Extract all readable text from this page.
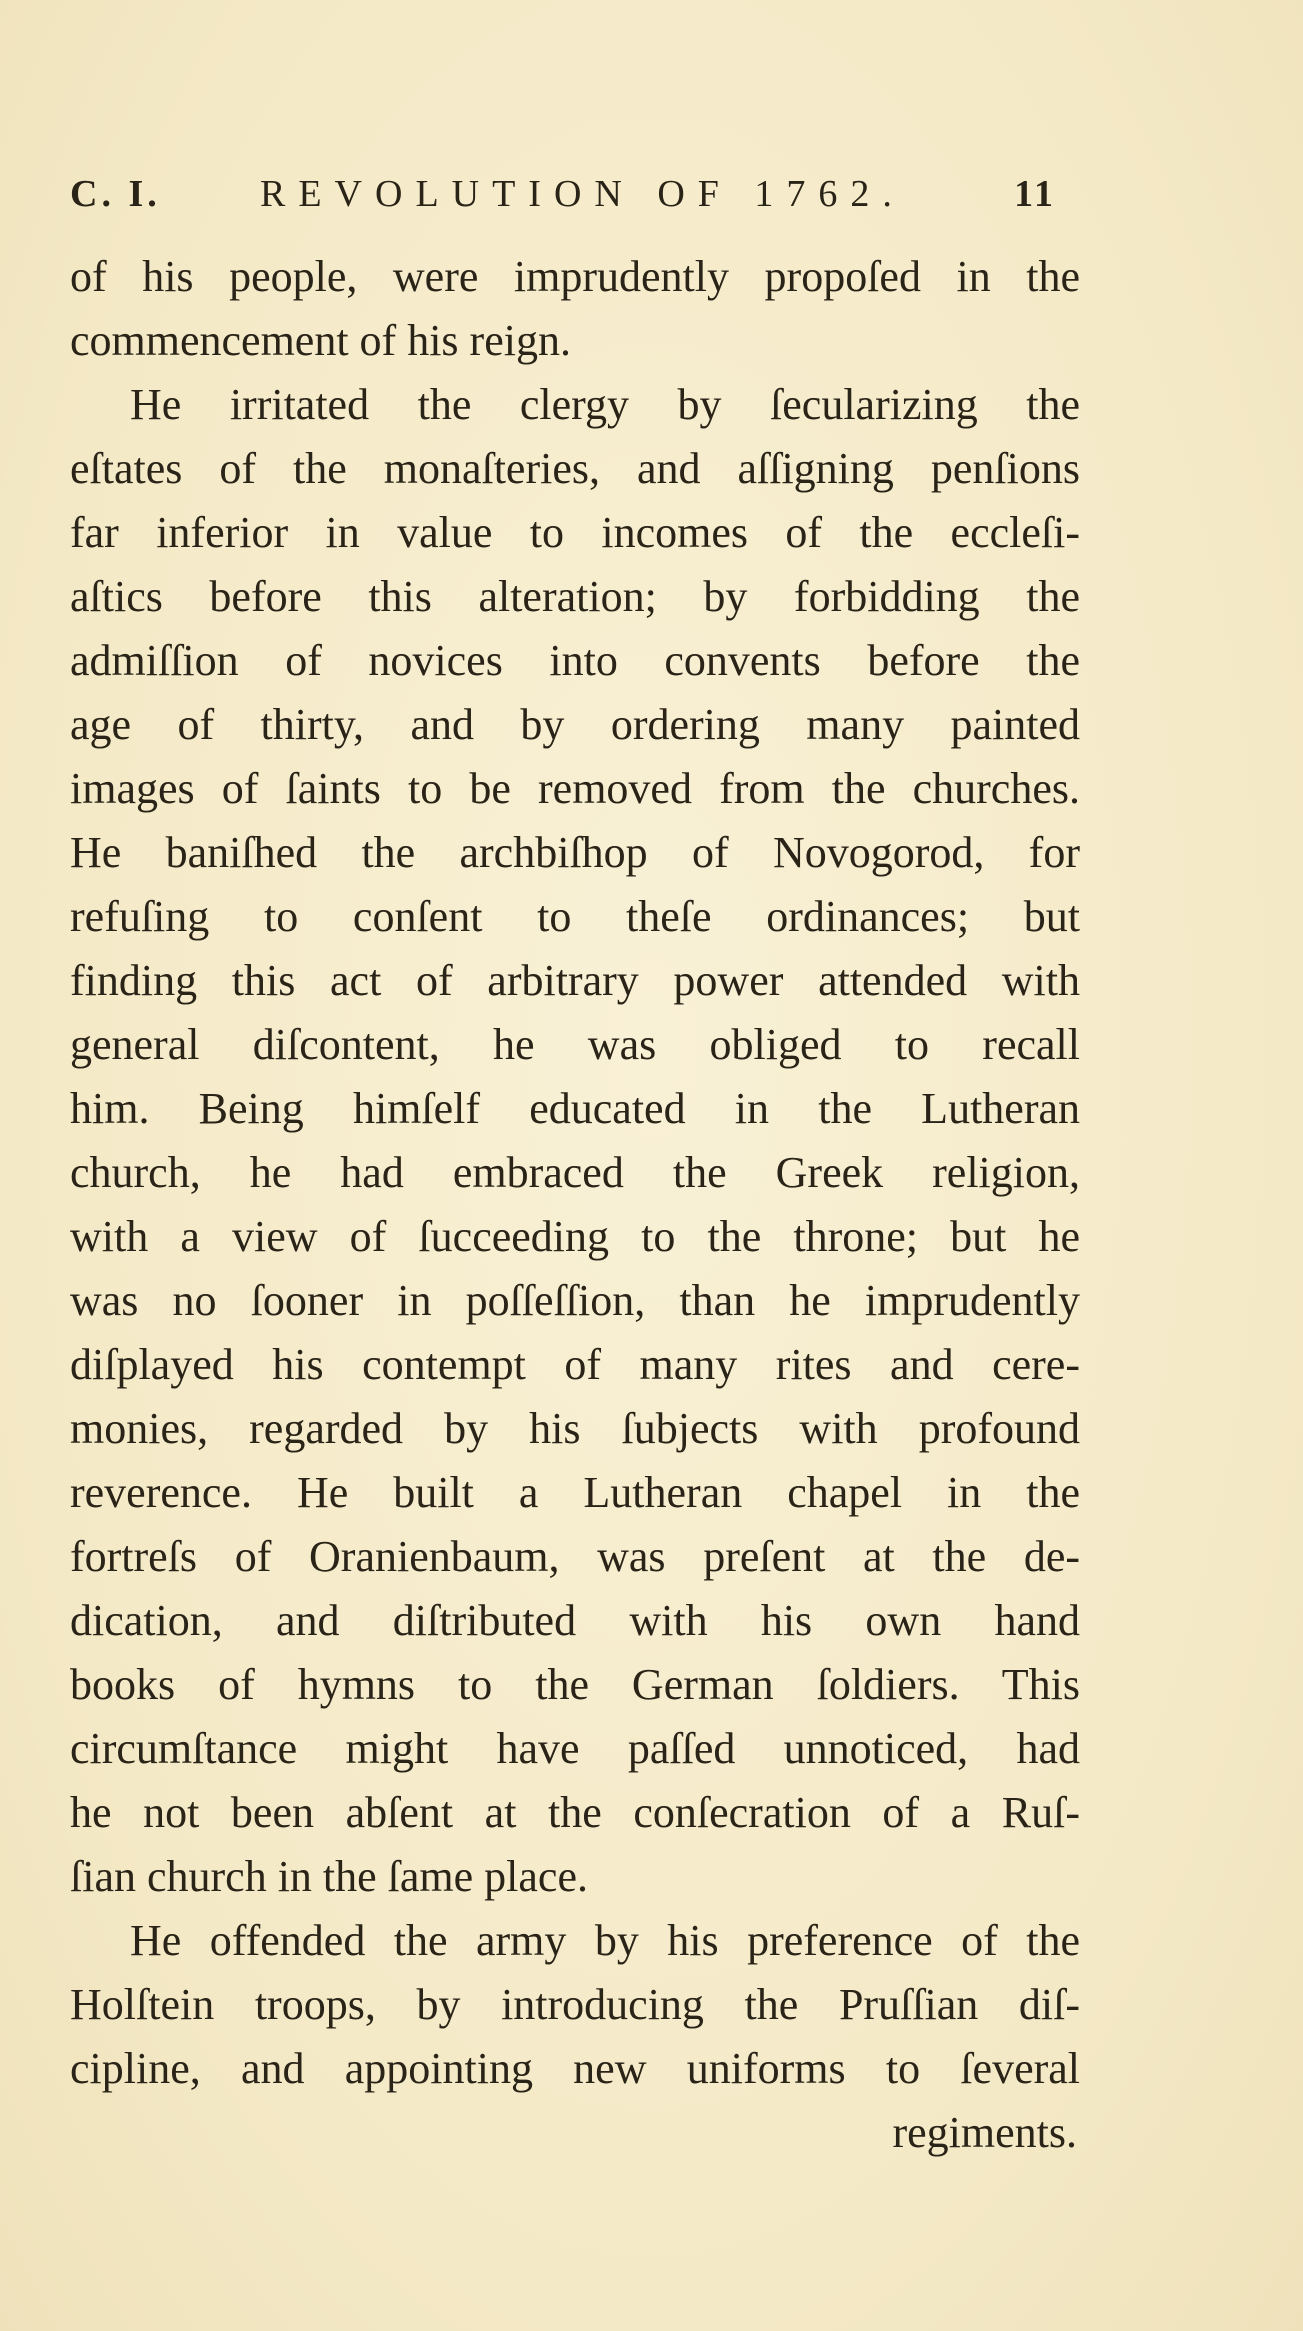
C. I.	REVOLUTION OF 1762.	11
of his people, were imprudently propoſed in the
commencement of his reign.
He irritated the clergy by ſecularizing the
eſtates of the monaſteries, and aſſigning penſions
far inferior in value to incomes of the eccleſi-
aſtics before this alteration; by forbidding the
admiſſion of novices into convents before the
age of thirty, and by ordering many painted
images of ſaints to be removed from the churches.
He baniſhed the archbiſhop of Novogorod, for
refuſing to conſent to theſe ordinances; but
finding this act of arbitrary power attended with
general diſcontent, he was obliged to recall
him. Being himſelf educated in the Lutheran
church, he had embraced the Greek religion,
with a view of ſucceeding to the throne; but he
was no ſooner in poſſeſſion, than he imprudently
diſplayed his contempt of many rites and cere-
monies, regarded by his ſubjects with profound
reverence. He built a Lutheran chapel in the
fortreſs of Oranienbaum, was preſent at the de-
dication, and diſtributed with his own hand
books of hymns to the German ſoldiers. This
circumſtance might have paſſed unnoticed, had
he not been abſent at the conſecration of a Ruſ-
ſian church in the ſame place.
He offended the army by his preference of the
Holſtein troops, by introducing the Pruſſian diſ-
cipline, and appointing new uniforms to ſeveral
regiments.
